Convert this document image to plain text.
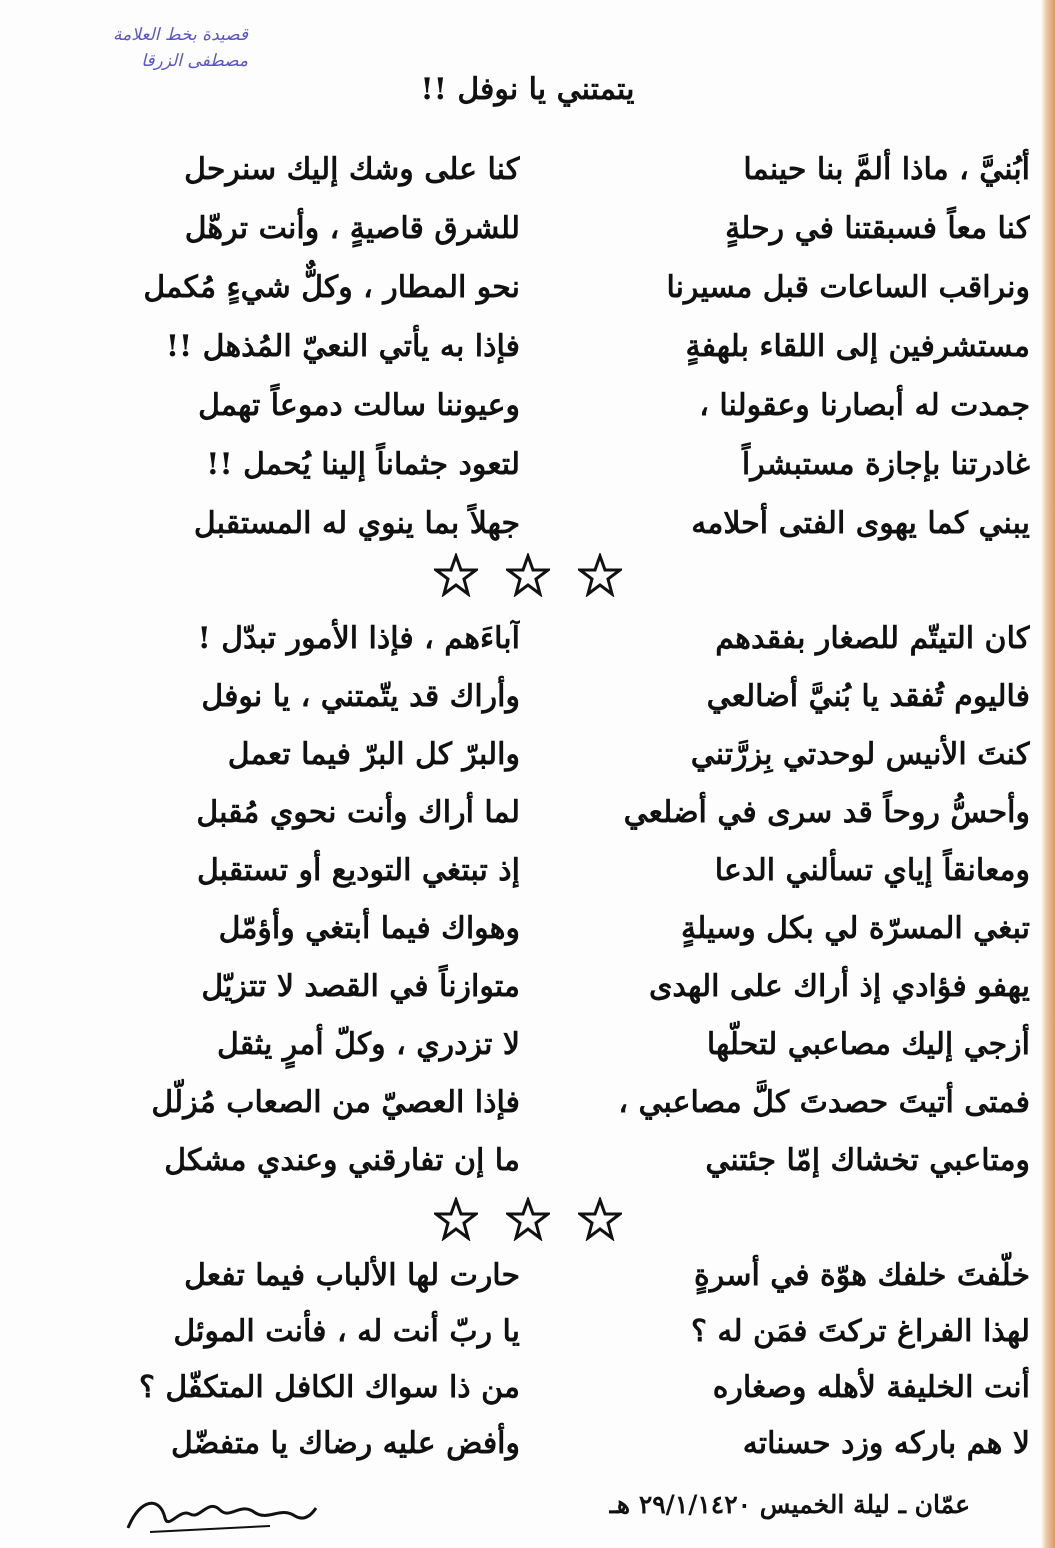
قصيدة بخط العلامة
مصطفى الزرقا
يتمتني يا نوفل !!
أبُنيَّ ، ماذا ألمَّ بنا حينما
كنا على وشك إليك سنرحل
كنا معاً فسبقتنا في رحلةٍ
للشرق قاصيةٍ ، وأنت ترهّل
ونراقب الساعات قبل مسيرنا
نحو المطار ، وكلٌّ شيءٍ مُكمل
مستشرفين إلى اللقاء بلهفةٍ
فإذا به يأتي النعيّ المُذهل !!
جمدت له أبصارنا وعقولنا ،
وعيوننا سالت دموعاً تهمل
غادرتنا بإجازة مستبشراً
لتعود جثماناً إلينا يُحمل !!
يبني كما يهوى الفتى أحلامه
جهلاً بما ينوي له المستقبل

كان التيتّم للصغار بفقدهم
آباءَهم ، فإذا الأمور تبدّل !
فاليوم تُفقد يا بُنيَّ أضالعي
وأراك قد يتّمتني ، يا نوفل
كنتَ الأنيس لوحدتي بِزرَّتني
والبرّ كل البرّ فيما تعمل
وأحسُّ روحاً قد سرى في أضلعي
لما أراك وأنت نحوي مُقبل
ومعانقاً إياي تسألني الدعا
إذ تبتغي التوديع أو تستقبل
تبغي المسرّة لي بكل وسيلةٍ
وهواك فيما أبتغي وأؤمّل
يهفو فؤادي إذ أراك على الهدى
متوازناً في القصد لا تتزيّل
أزجي إليك مصاعبي لتحلّها
لا تزدري ، وكلّ أمرٍ يثقل
فمتى أتيتَ حصدتَ كلَّ مصاعبي ،
فإذا العصيّ من الصعاب مُزلّل
ومتاعبي تخشاك إمّا جئتني
ما إن تفارقني وعندي مشكل

خلّفتَ خلفك هوّة في أسرةٍ
حارت لها الألباب فيما تفعل
لهذا الفراغ تركتَ فمَن له ؟
يا ربّ أنت له ، فأنت الموئل
أنت الخليفة لأهله وصغاره
من ذا سواك الكافل المتكفّل ؟
لا هم باركه وزد حسناته
وأفض عليه رضاك يا متفضّل
عمّان ـ ليلة الخميس ٢٩/١/١٤٢٠ هـ
